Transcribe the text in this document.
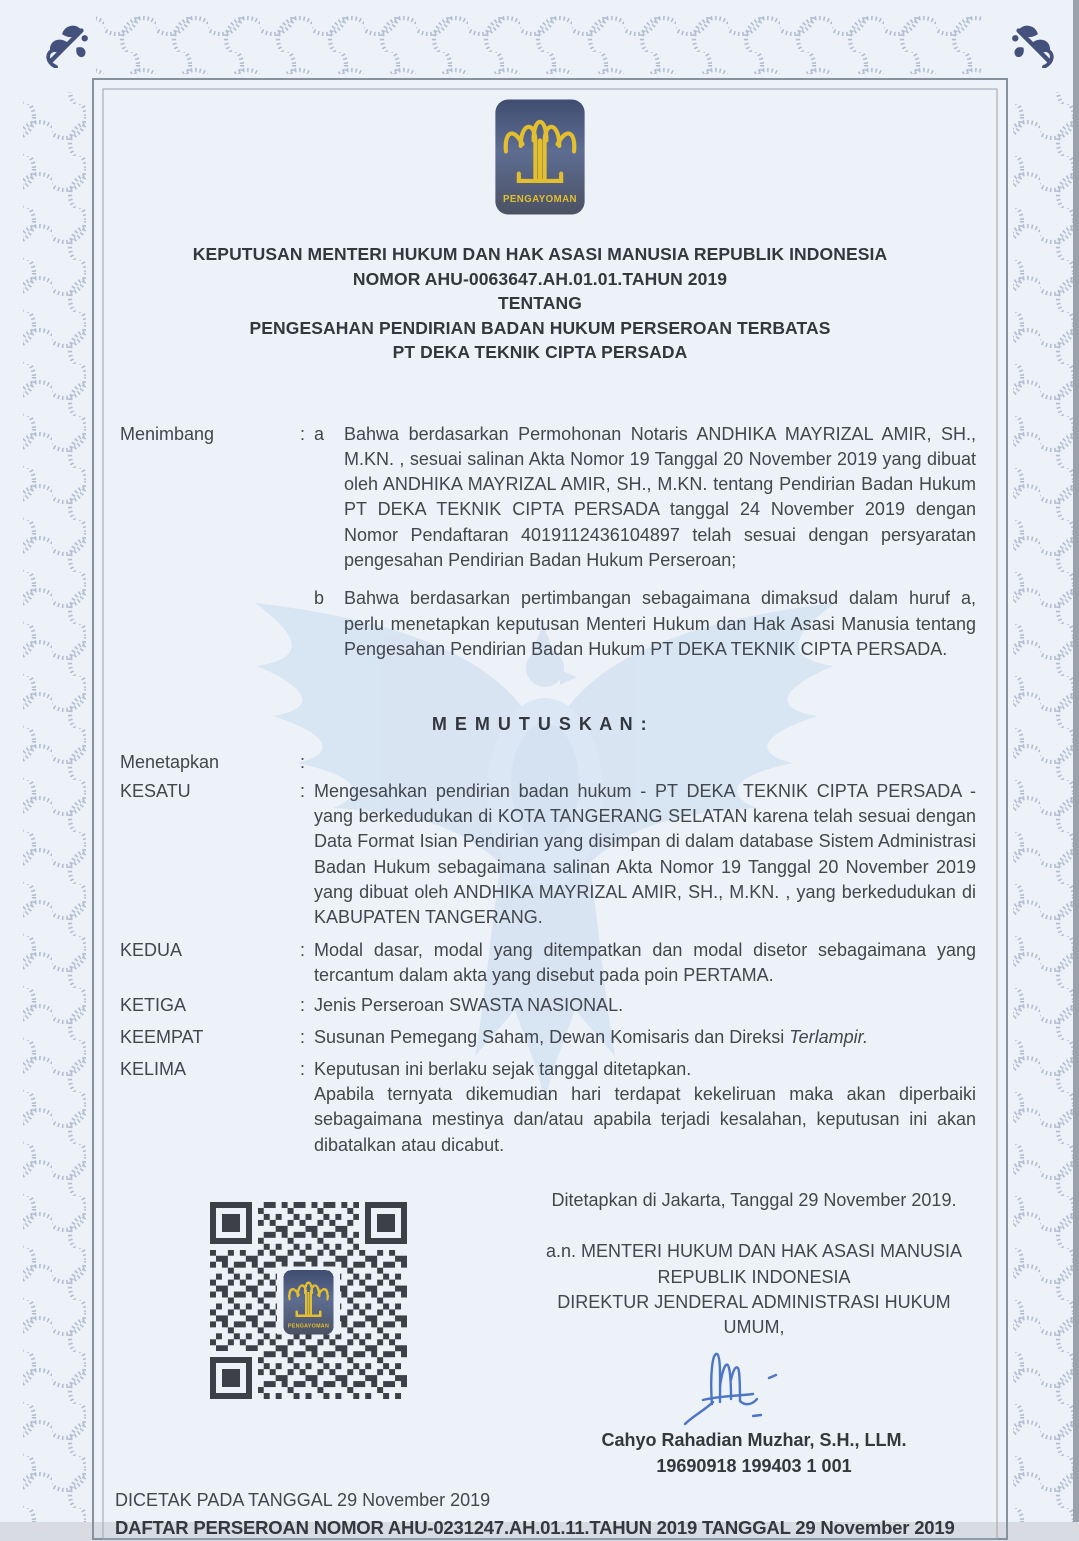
KEPUTUSAN MENTERI HUKUM DAN HAK ASASI MANUSIA REPUBLIK INDONESIA
NOMOR AHU-0063647.AH.01.01.TAHUN 2019
TENTANG
PENGESAHAN PENDIRIAN BADAN HUKUM PERSEROAN TERBATAS
PT DEKA TEKNIK CIPTA PERSADA
Menimbang	: a	Bahwa berdasarkan Permohonan Notaris ANDHIKA MAYRIZAL AMIR, SH., M.KN. , sesuai salinan Akta Nomor 19 Tanggal 20 November 2019 yang dibuat oleh ANDHIKA MAYRIZAL AMIR, SH., M.KN. tentang Pendirian Badan Hukum PT DEKA TEKNIK CIPTA PERSADA tanggal 24 November 2019 dengan Nomor Pendaftaran 4019112436104897 telah sesuai dengan persyaratan pengesahan Pendirian Badan Hukum Perseroan;
b	Bahwa berdasarkan pertimbangan sebagaimana dimaksud dalam huruf a, perlu menetapkan keputusan Menteri Hukum dan Hak Asasi Manusia tentang Pengesahan Pendirian Badan Hukum PT DEKA TEKNIK CIPTA PERSADA.
M E M U T U S K A N :
Menetapkan	:
KESATU	: Mengesahkan pendirian badan hukum - PT DEKA TEKNIK CIPTA PERSADA - yang berkedudukan di KOTA TANGERANG SELATAN karena telah sesuai dengan Data Format Isian Pendirian yang disimpan di dalam database Sistem Administrasi Badan Hukum sebagaimana salinan Akta Nomor 19 Tanggal 20 November 2019 yang dibuat oleh ANDHIKA MAYRIZAL AMIR, SH., M.KN. , yang berkedudukan di KABUPATEN TANGERANG.
KEDUA	: Modal dasar, modal yang ditempatkan dan modal disetor sebagaimana yang tercantum dalam akta yang disebut pada poin PERTAMA.
KETIGA	: Jenis Perseroan SWASTA NASIONAL.
KEEMPAT	: Susunan Pemegang Saham, Dewan Komisaris dan Direksi Terlampir.
KELIMA	: Keputusan ini berlaku sejak tanggal ditetapkan.
Apabila ternyata dikemudian hari terdapat kekeliruan maka akan diperbaiki sebagaimana mestinya dan/atau apabila terjadi kesalahan, keputusan ini akan dibatalkan atau dicabut.
Ditetapkan di Jakarta, Tanggal 29 November 2019.
a.n. MENTERI HUKUM DAN HAK ASASI MANUSIA
REPUBLIK INDONESIA
DIREKTUR JENDERAL ADMINISTRASI HUKUM UMUM,
Cahyo Rahadian Muzhar, S.H., LLM.
19690918 199403 1 001
DICETAK PADA TANGGAL 29 November 2019
DAFTAR PERSEROAN NOMOR AHU-0231247.AH.01.11.TAHUN 2019 TANGGAL 29 November 2019
